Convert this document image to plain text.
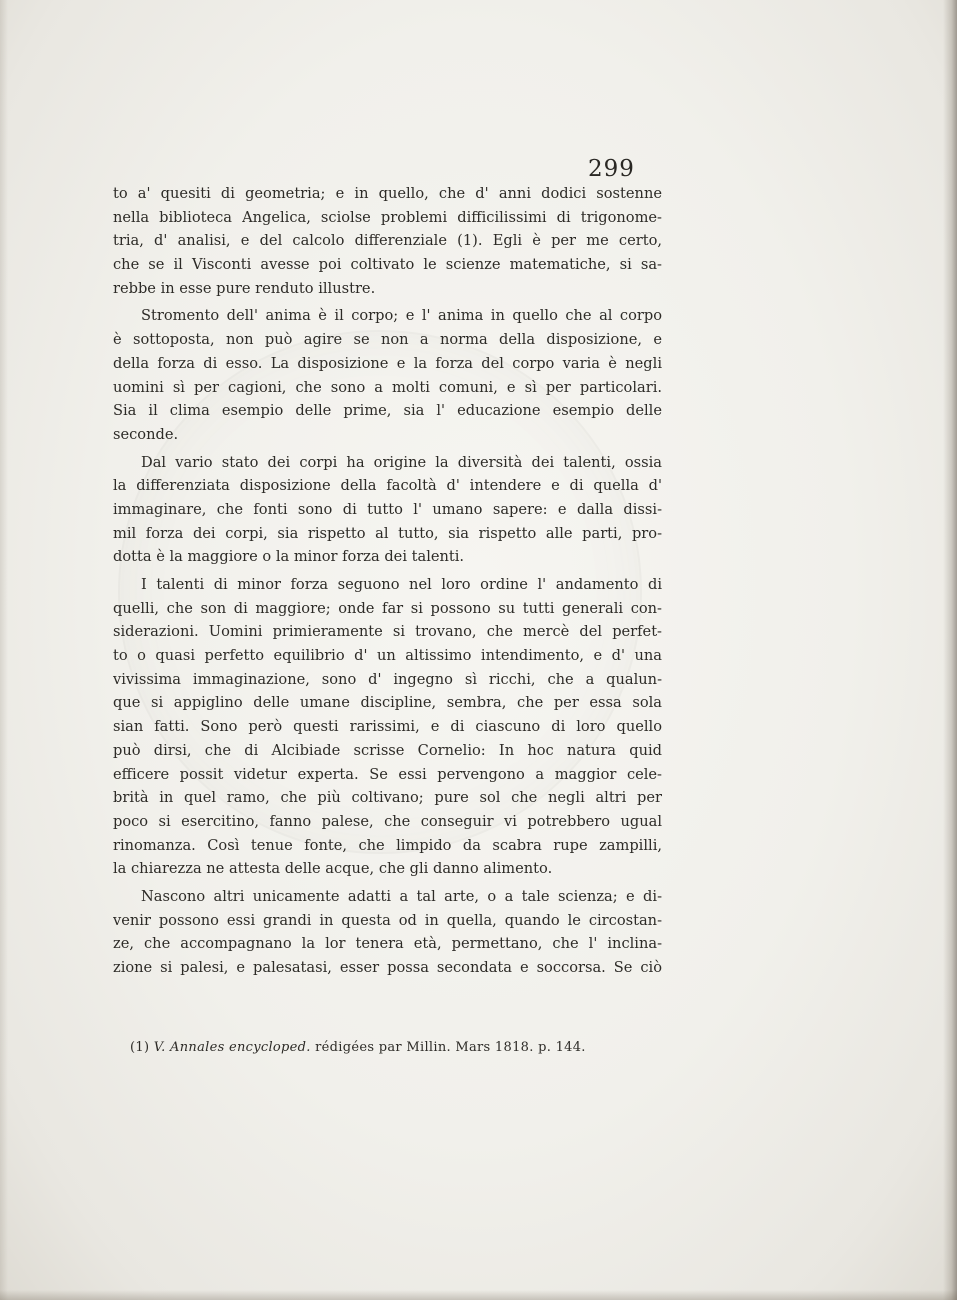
299
to a' quesiti di geometria; e in quello, che d' anni dodici sostenne
nella biblioteca Angelica, sciolse problemi difficilissimi di trigonome-
tria, d' analisi, e del calcolo differenziale (1). Egli è per me certo,
che se il Visconti avesse poi coltivato le scienze matematiche, si sa-
rebbe in esse pure renduto illustre.
Stromento dell' anima è il corpo; e l' anima in quello che al corpo
è sottoposta, non può agire se non a norma della disposizione, e
della forza di esso. La disposizione e la forza del corpo varia è negli
uomini sì per cagioni, che sono a molti comuni, e sì per particolari.
Sia il clima esempio delle prime, sia l' educazione esempio delle
seconde.
Dal vario stato dei corpi ha origine la diversità dei talenti, ossia
la differenziata disposizione della facoltà d' intendere e di quella d'
immaginare, che fonti sono di tutto l' umano sapere: e dalla dissi-
mil forza dei corpi, sia rispetto al tutto, sia rispetto alle parti, pro-
dotta è la maggiore o la minor forza dei talenti.
I talenti di minor forza seguono nel loro ordine l' andamento di
quelli, che son di maggiore; onde far si possono su tutti generali con-
siderazioni. Uomini primieramente si trovano, che mercè del perfet-
to o quasi perfetto equilibrio d' un altissimo intendimento, e d' una
vivissima immaginazione, sono d' ingegno sì ricchi, che a qualun-
que si appiglino delle umane discipline, sembra, che per essa sola
sian fatti. Sono però questi rarissimi, e di ciascuno di loro quello
può dirsi, che di Alcibiade scrisse Cornelio: In hoc natura quid
efficere possit videtur experta. Se essi pervengono a maggior cele-
brità in quel ramo, che più coltivano; pure sol che negli altri per
poco si esercitino, fanno palese, che conseguir vi potrebbero ugual
rinomanza. Così tenue fonte, che limpido da scabra rupe zampilli,
la chiarezza ne attesta delle acque, che gli danno alimento.
Nascono altri unicamente adatti a tal arte, o a tale scienza; e di-
venir possono essi grandi in questa od in quella, quando le circostan-
ze, che accompagnano la lor tenera età, permettano, che l' inclina-
zione si palesi, e palesatasi, esser possa secondata e soccorsa. Se ciò
(1) V. Annales encycloped. rédigées par Millin. Mars 1818. p. 144.
